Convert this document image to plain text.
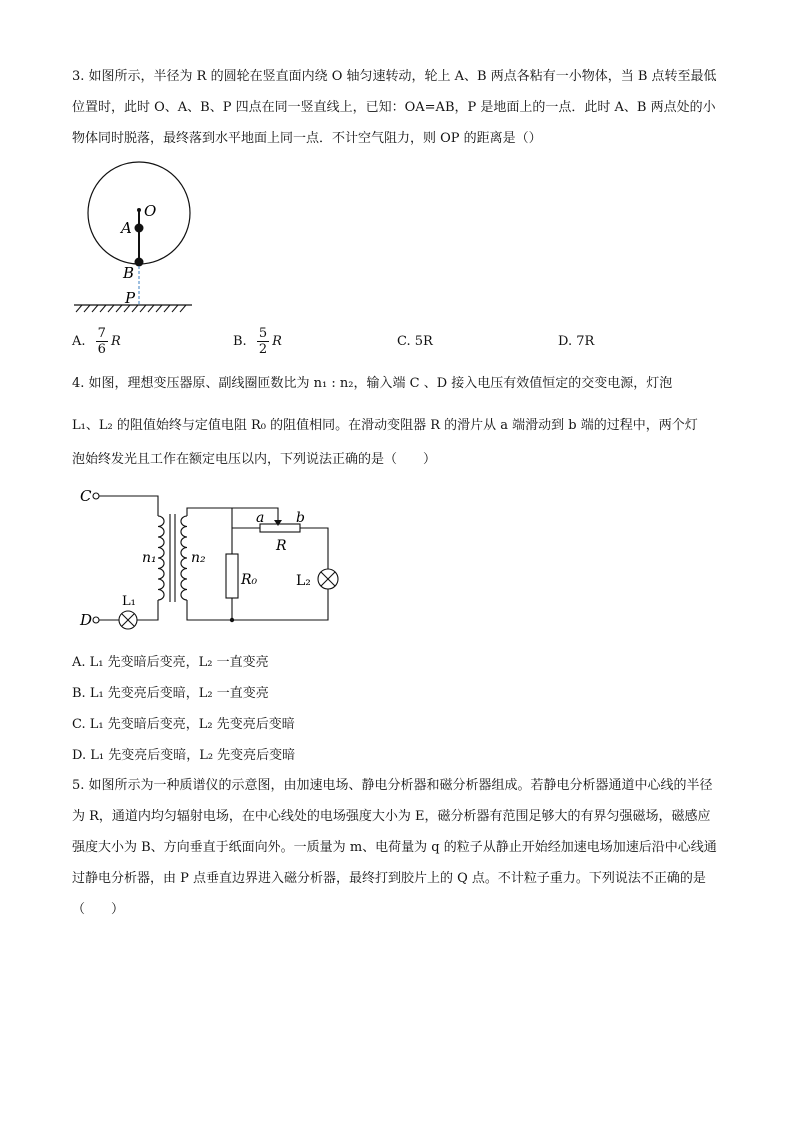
3. 如图所示，半径为 R 的圆轮在竖直面内绕 O 轴匀速转动，轮上 A、B 两点各粘有一小物体，当 B 点转至最低位置时，此时 O、A、B、P 四点在同一竖直线上，已知：OA=AB，P 是地面上的一点．此时 A、B 两点处的小物体同时脱落，最终落到水平地面上同一点．不计空气阻力，则 OP 的距离是（）

O
A
B
P
A. $\frac{7}{6}$ R	B. $\frac{5}{2}$ R	C. 5R	D. 7R

4. 如图，理想变压器原、副线圈匝数比为 n₁ : n₂，输入端 C 、D 接入电压有效值恒定的交变电源，灯泡

L₁、L₂ 的阻值始终与定值电阻 R₀ 的阻值相同。在滑动变阻器 R 的滑片从 a 端滑动到 b 端的过程中，两个灯

泡始终发光且工作在额定电压以内，下列说法正确的是（　　）

C
D
n₁ n₂
a b
R
R₀	L₂
L₁
A. L₁ 先变暗后变亮，L₂ 一直变亮
B. L₁ 先变亮后变暗，L₂ 一直变亮
C. L₁ 先变暗后变亮，L₂ 先变亮后变暗
D. L₁ 先变亮后变暗，L₂ 先变亮后变暗

5. 如图所示为一种质谱仪的示意图，由加速电场、静电分析器和磁分析器组成。若静电分析器通道中心线的半径为 R，通道内均匀辐射电场，在中心线处的电场强度大小为 E，磁分析器有范围足够大的有界匀强磁场，磁感应强度大小为 B、方向垂直于纸面向外。一质量为 m、电荷量为 q 的粒子从静止开始经加速电场加速后沿中心线通过静电分析器，由 P 点垂直边界进入磁分析器，最终打到胶片上的 Q 点。不计粒子重力。下列说法不正确的是（　　）
